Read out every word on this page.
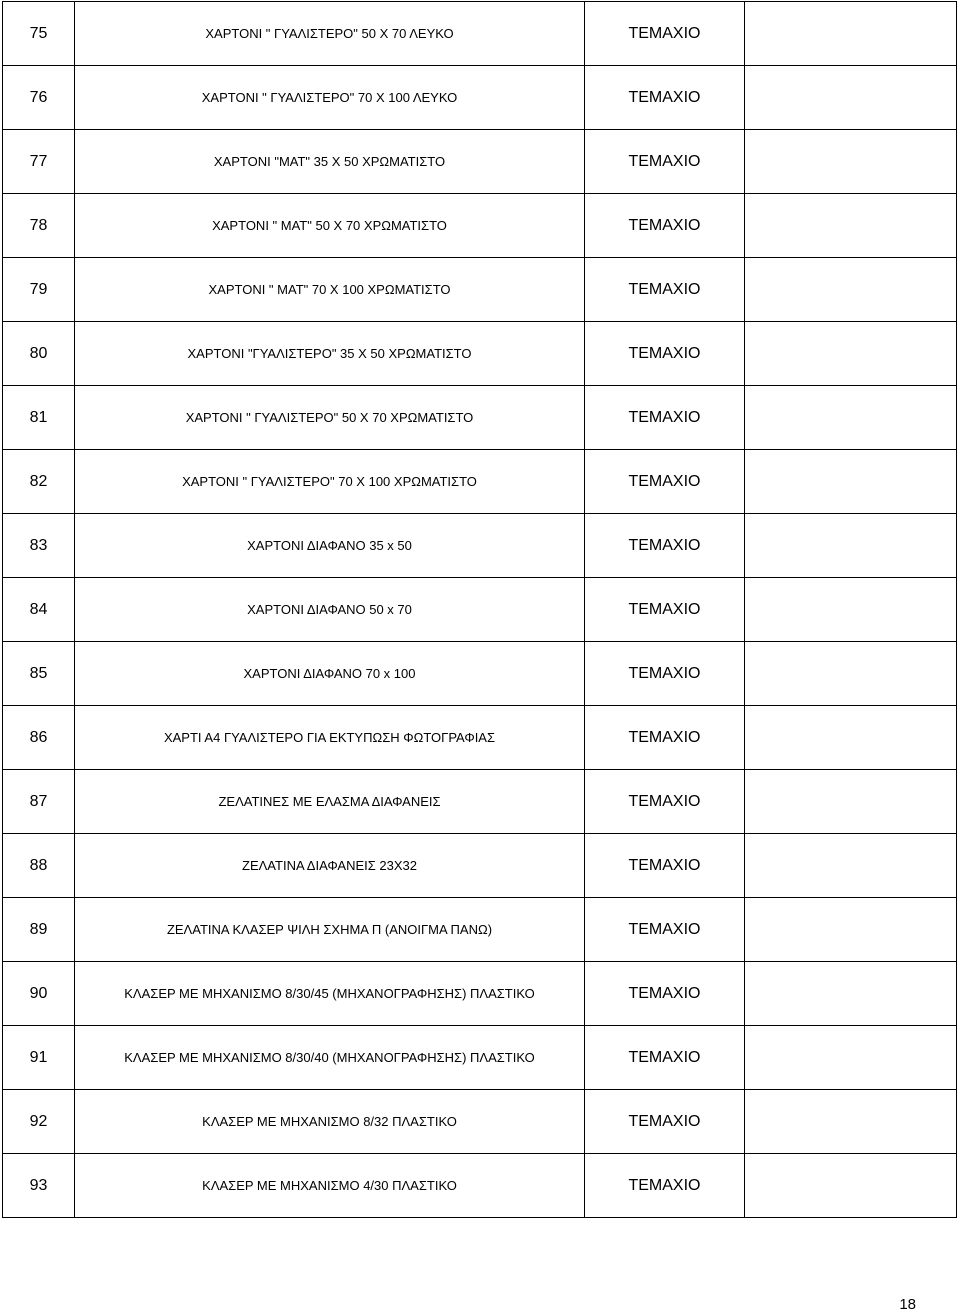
75	ΧΑΡΤΟΝΙ " ΓΥΑΛΙΣΤΕΡΟ" 50 Χ 70 ΛΕΥΚΟ	ΤΕΜΑΧΙΟ	
76	ΧΑΡΤΟΝΙ " ΓΥΑΛΙΣΤΕΡΟ" 70 Χ 100 ΛΕΥΚΟ	ΤΕΜΑΧΙΟ	
77	ΧΑΡΤΟΝΙ "ΜΑΤ" 35 Χ 50 ΧΡΩΜΑΤΙΣΤΟ	ΤΕΜΑΧΙΟ	
78	ΧΑΡΤΟΝΙ " ΜΑΤ" 50 Χ 70 ΧΡΩΜΑΤΙΣΤΟ	ΤΕΜΑΧΙΟ	
79	ΧΑΡΤΟΝΙ " ΜΑΤ" 70 Χ 100 ΧΡΩΜΑΤΙΣΤΟ	ΤΕΜΑΧΙΟ	
80	ΧΑΡΤΟΝΙ "ΓΥΑΛΙΣΤΕΡΟ" 35 Χ 50 ΧΡΩΜΑΤΙΣΤΟ	ΤΕΜΑΧΙΟ	
81	ΧΑΡΤΟΝΙ " ΓΥΑΛΙΣΤΕΡΟ" 50 Χ 70 ΧΡΩΜΑΤΙΣΤΟ	ΤΕΜΑΧΙΟ	
82	ΧΑΡΤΟΝΙ " ΓΥΑΛΙΣΤΕΡΟ" 70 Χ 100 ΧΡΩΜΑΤΙΣΤΟ	ΤΕΜΑΧΙΟ	
83	ΧΑΡΤΟΝΙ ΔΙΑΦΑΝΟ 35 x 50	ΤΕΜΑΧΙΟ	
84	ΧΑΡΤΟΝΙ ΔΙΑΦΑΝΟ 50 x 70	ΤΕΜΑΧΙΟ	
85	ΧΑΡΤΟΝΙ ΔΙΑΦΑΝΟ 70 x 100	ΤΕΜΑΧΙΟ	
86	ΧΑΡΤΙ Α4 ΓΥΑΛΙΣΤΕΡΟ ΓΙΑ ΕΚΤΥΠΩΣΗ ΦΩΤΟΓΡΑΦΙΑΣ	ΤΕΜΑΧΙΟ	
87	ΖΕΛΑΤΙΝΕΣ ΜΕ ΕΛΑΣΜΑ ΔΙΑΦΑΝΕΙΣ	ΤΕΜΑΧΙΟ	
88	ΖΕΛΑΤΙΝΑ ΔΙΑΦΑΝΕΙΣ 23Χ32	ΤΕΜΑΧΙΟ	
89	ΖΕΛΑΤΙΝΑ ΚΛΑΣΕΡ ΨΙΛΗ ΣΧΗΜΑ Π (ΑΝΟΙΓΜΑ ΠΑΝΩ)	ΤΕΜΑΧΙΟ	
90	ΚΛΑΣΕΡ ΜΕ ΜΗΧΑΝΙΣΜΟ 8/30/45 (ΜΗΧΑΝΟΓΡΑΦΗΣΗΣ) ΠΛΑΣΤΙΚΟ	ΤΕΜΑΧΙΟ	
91	ΚΛΑΣΕΡ ΜΕ ΜΗΧΑΝΙΣΜΟ 8/30/40 (ΜΗΧΑΝΟΓΡΑΦΗΣΗΣ) ΠΛΑΣΤΙΚΟ	ΤΕΜΑΧΙΟ	
92	ΚΛΑΣΕΡ ΜΕ ΜΗΧΑΝΙΣΜΟ 8/32 ΠΛΑΣΤΙΚΟ	ΤΕΜΑΧΙΟ	
93	ΚΛΑΣΕΡ ΜΕ ΜΗΧΑΝΙΣΜΟ 4/30 ΠΛΑΣΤΙΚΟ	ΤΕΜΑΧΙΟ	
18
